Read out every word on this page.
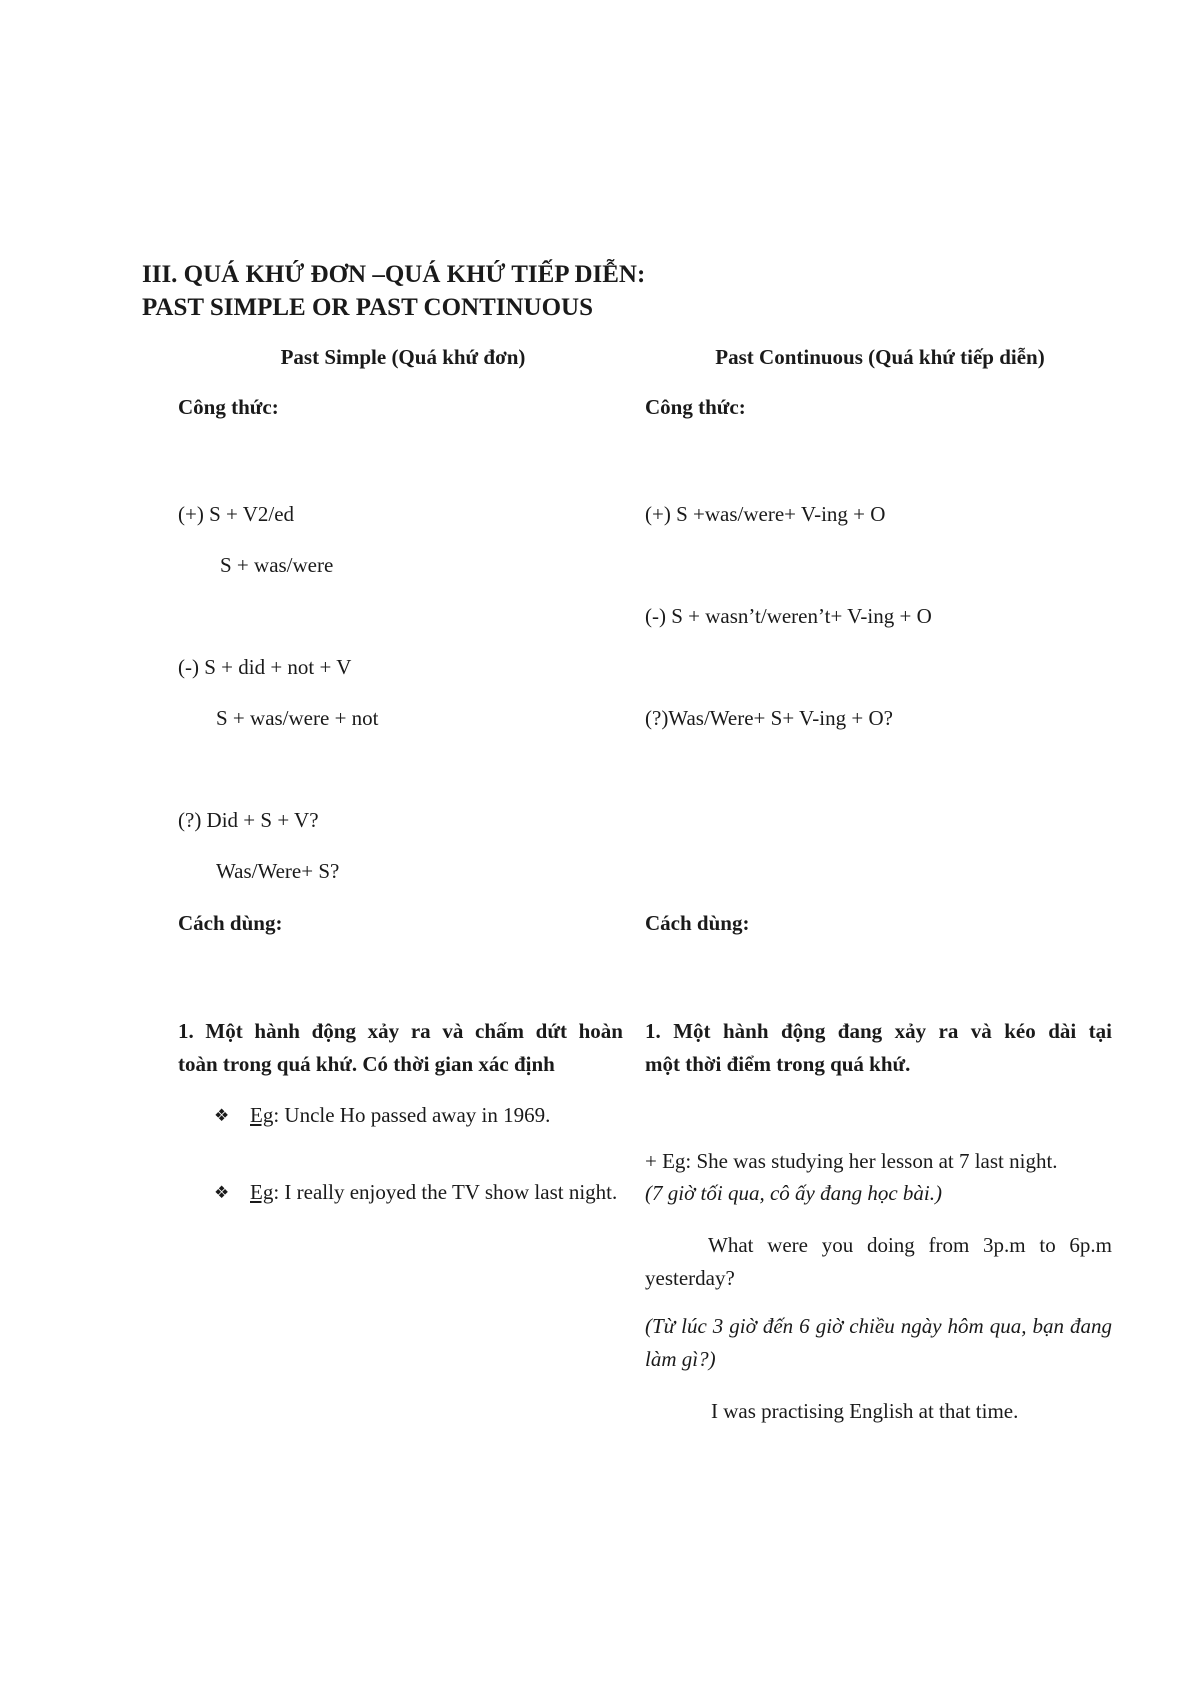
III. QUÁ KHỨ ĐƠN –QUÁ KHỨ TIẾP DIỄN:
PAST SIMPLE OR PAST CONTINUOUS

Past Simple (Quá khứ đơn)

Công thức:

(+) S + V2/ed

S + was/were

(-) S + did + not + V

S + was/were + not

(?) Did + S + V?

Was/Were+ S?

Cách dùng:

1. Một hành động xảy ra và chấm dứt hoàn
toàn trong quá khứ. Có thời gian xác định
❖ Eg: Uncle Ho passed away in 1969.
❖ Eg: I really enjoyed the TV show last night.

Past Continuous (Quá khứ tiếp diễn)

Công thức:

(+) S +was/were+ V-ing + O

(-) S + wasn’t/weren’t+ V-ing + O

(?)Was/Were+ S+ V-ing + O?

Cách dùng:

1. Một hành động đang xảy ra và kéo dài tại
một thời điểm trong quá khứ.

+ Eg: She was studying her lesson at 7 last night.

(7 giờ tối qua, cô ấy đang học bài.)

What were you doing from 3p.m to 6p.m yesterday?

(Từ lúc 3 giờ đến 6 giờ chiều ngày hôm qua, bạn đang làm gì?)

I was practising English at that time.
